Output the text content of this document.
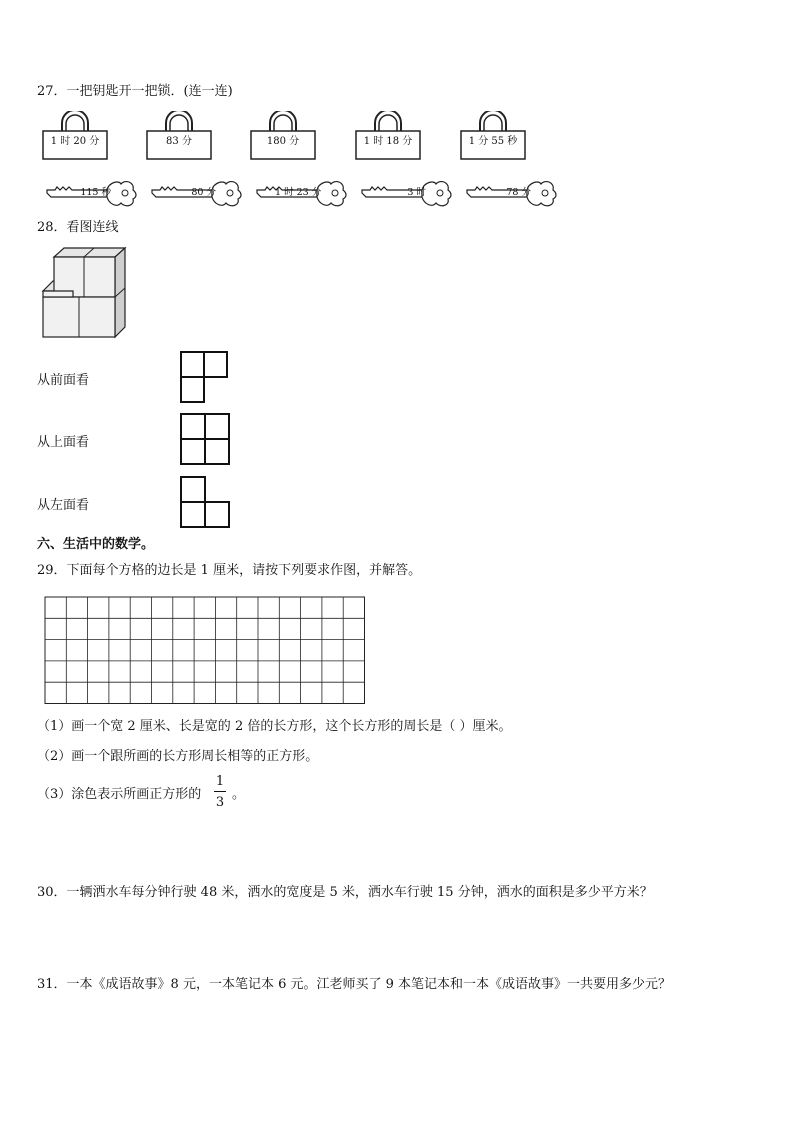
27．一把钥匙开一把锁．(连一连)
1 时 20 分	83 分	180 分	1 时 18 分	1 分 55 秒
115 秒	80 分	1 时 23 分	3 时	78 分
28．看图连线
从前面看
从上面看
从左面看
六、生活中的数学。
29．下面每个方格的边长是 1 厘米，请按下列要求作图，并解答。
（1）画一个宽 2 厘米、长是宽的 2 倍的长方形，这个长方形的周长是（ ）厘米。
（2）画一个跟所画的长方形周长相等的正方形。
（3）涂色表示所画正方形的
1
3
。
30．一辆洒水车每分钟行驶 48 米，洒水的宽度是 5 米，洒水车行驶 15 分钟，洒水的面积是多少平方米？
31．一本《成语故事》8 元，一本笔记本 6 元。江老师买了 9 本笔记本和一本《成语故事》一共要用多少元？
